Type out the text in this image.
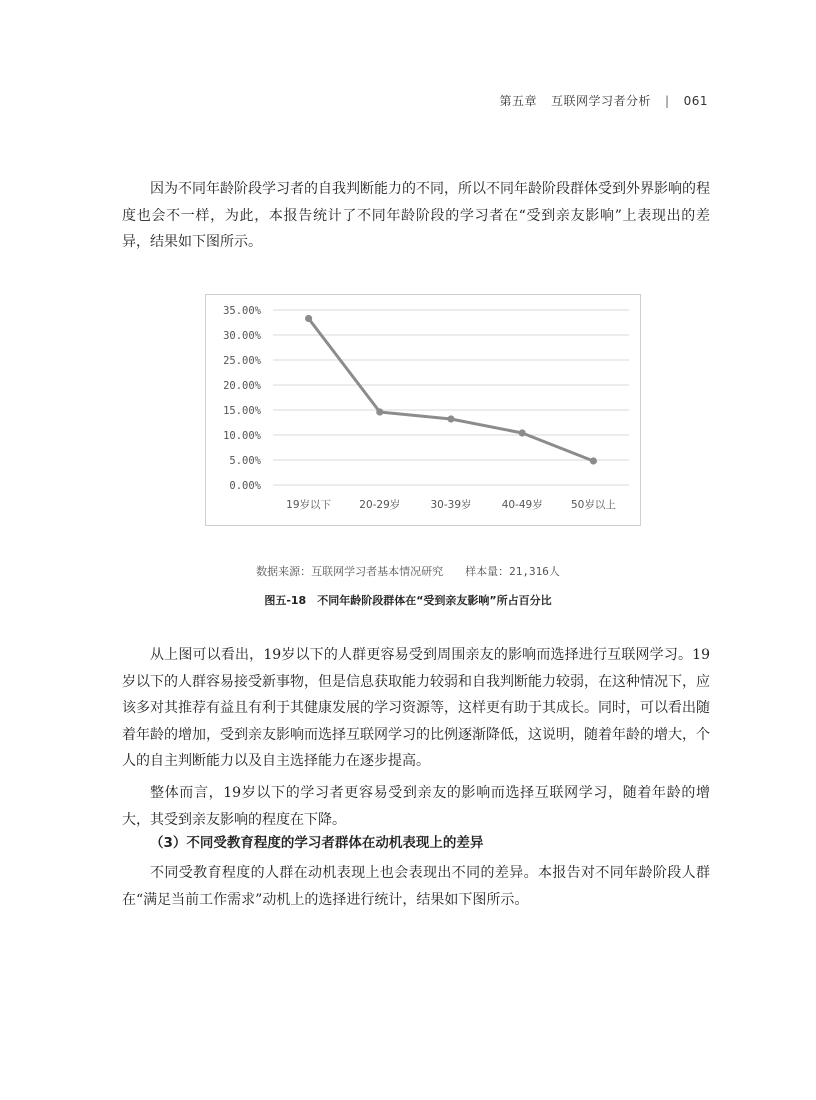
第五章 互联网学习者分析 | 061

因为不同年龄阶段学习者的自我判断能力的不同，所以不同年龄阶段群体受到外界影响的程度也会不一样，为此，本报告统计了不同年龄阶段的学习者在“受到亲友影响”上表现出的差异，结果如下图所示。

0.00%
5.00%
10.00%
15.00%
20.00%
25.00%
30.00%
35.00%
19岁以下	20-29岁	30-39岁	40-49岁	50岁以上
数据来源：互联网学习者基本情况研究 样本量：21,316人
图五-18　不同年龄阶段群体在“受到亲友影响”所占百分比

从上图可以看出，19岁以下的人群更容易受到周围亲友的影响而选择进行互联网学习。19岁以下的人群容易接受新事物，但是信息获取能力较弱和自我判断能力较弱，在这种情况下，应该多对其推荐有益且有利于其健康发展的学习资源等，这样更有助于其成长。同时，可以看出随着年龄的增加，受到亲友影响而选择互联网学习的比例逐渐降低，这说明，随着年龄的增大，个人的自主判断能力以及自主选择能力在逐步提高。

整体而言，19岁以下的学习者更容易受到亲友的影响而选择互联网学习，随着年龄的增大，其受到亲友影响的程度在下降。

（3）不同受教育程度的学习者群体在动机表现上的差异

不同受教育程度的人群在动机表现上也会表现出不同的差异。本报告对不同年龄阶段人群在“满足当前工作需求”动机上的选择进行统计，结果如下图所示。
